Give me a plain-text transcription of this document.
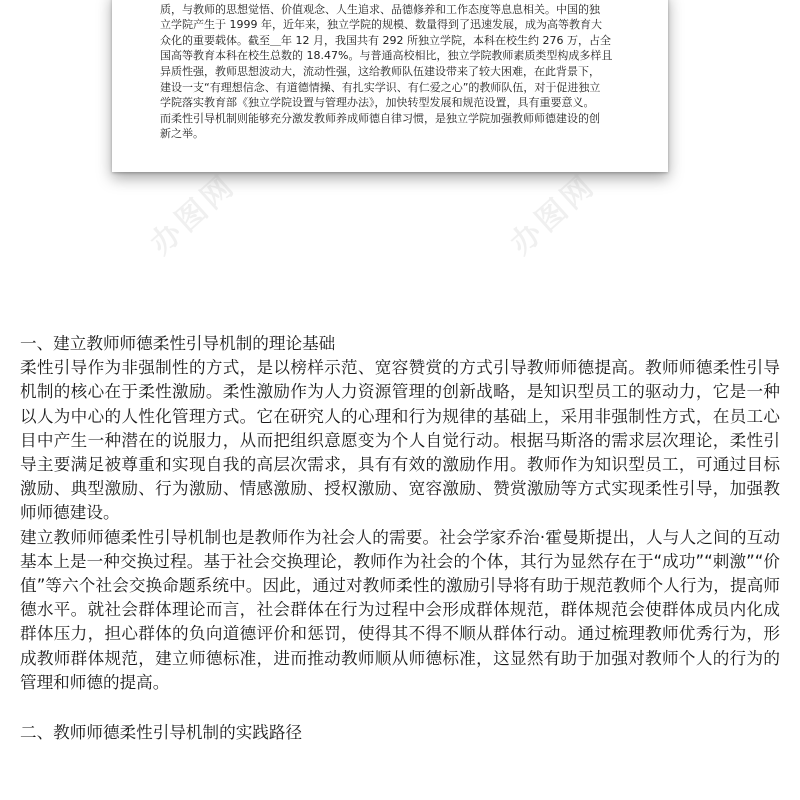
质，与教师的思想觉悟、价值观念、人生追求、品德修养和工作态度等息息相关。中国的独
立学院产生于 1999 年，近年来，独立学院的规模、数量得到了迅速发展，成为高等教育大
众化的重要载体。截至＿年 12 月，我国共有 292 所独立学院，本科在校生约 276 万，占全
国高等教育本科在校生总数的 18.47%。与普通高校相比，独立学院教师素质类型构成多样且
异质性强，教师思想波动大，流动性强，这给教师队伍建设带来了较大困难，在此背景下，
建设一支“有理想信念、有道德情操、有扎实学识、有仁爱之心”的教师队伍，对于促进独立
学院落实教育部《独立学院设置与管理办法》，加快转型发展和规范设置，具有重要意义。
而柔性引导机制则能够充分激发教师养成师德自律习惯，是独立学院加强教师师德建设的创
新之举。
办图网	办图网

一、建立教师师德柔性引导机制的理论基础

柔性引导作为非强制性的方式，是以榜样示范、宽容赞赏的方式引导教师师德提高。教师师德柔性引导机制的核心在于柔性激励。柔性激励作为人力资源管理的创新战略，是知识型员工的驱动力，它是一种以人为中心的人性化管理方式。它在研究人的心理和行为规律的基础上，采用非强制性方式，在员工心目中产生一种潜在的说服力，从而把组织意愿变为个人自觉行动。根据马斯洛的需求层次理论，柔性引导主要满足被尊重和实现自我的高层次需求，具有有效的激励作用。教师作为知识型员工，可通过目标激励、典型激励、行为激励、情感激励、授权激励、宽容激励、赞赏激励等方式实现柔性引导，加强教师师德建设。

建立教师师德柔性引导机制也是教师作为社会人的需要。社会学家乔治·霍曼斯提出，人与人之间的互动基本上是一种交换过程。基于社会交换理论，教师作为社会的个体，其行为显然存在于“成功”“刺激”“价值”等六个社会交换命题系统中。因此，通过对教师柔性的激励引导将有助于规范教师个人行为，提高师德水平。就社会群体理论而言，社会群体在行为过程中会形成群体规范，群体规范会使群体成员内化成群体压力，担心群体的负向道德评价和惩罚，使得其不得不顺从群体行动。通过梳理教师优秀行为，形成教师群体规范，建立师德标准，进而推动教师顺从师德标准，这显然有助于加强对教师个人的行为的管理和师德的提高。

二、教师师德柔性引导机制的实践路径
